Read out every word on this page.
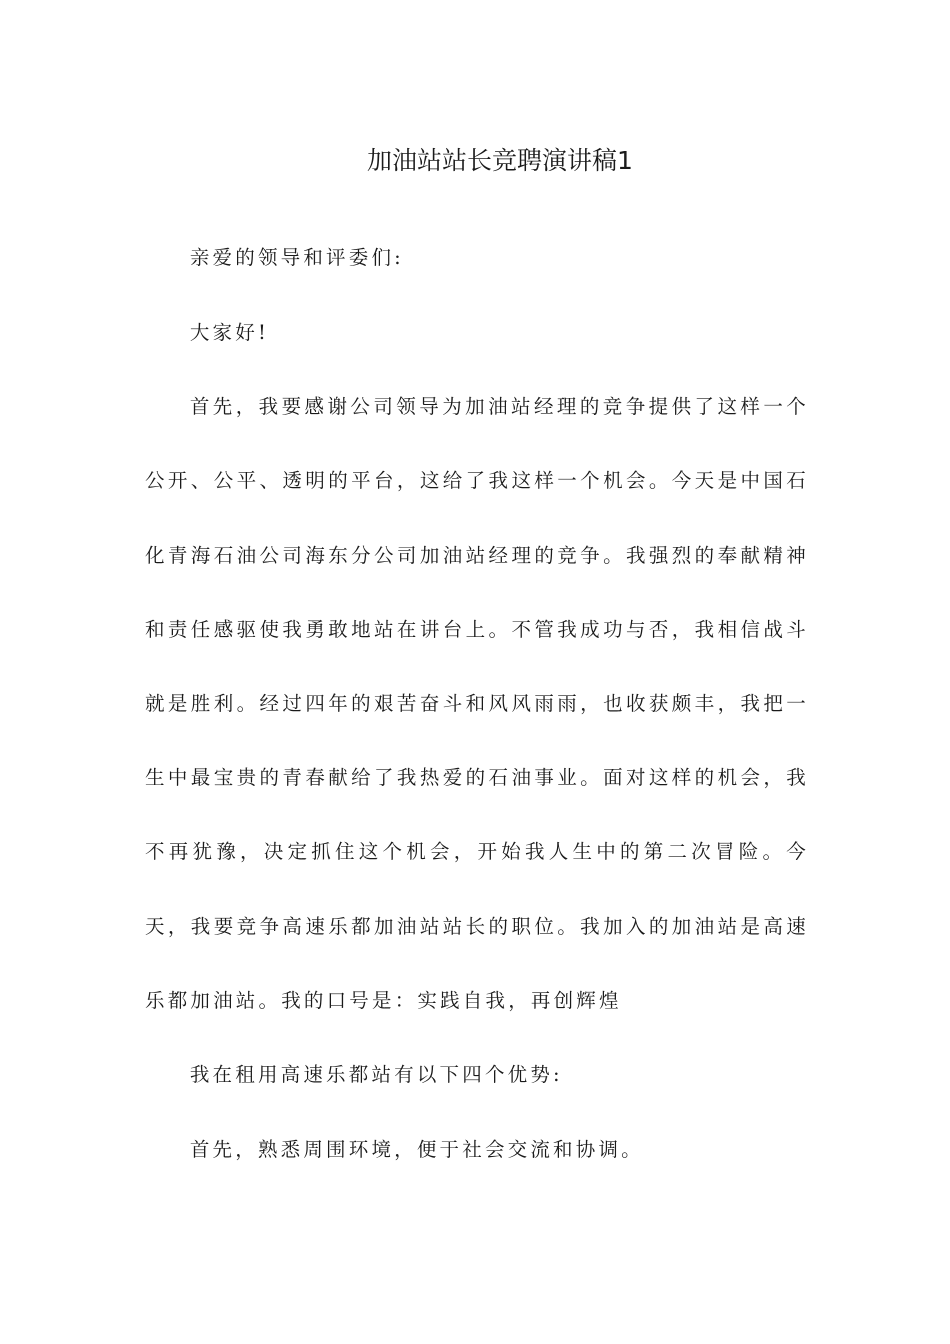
加油站站长竞聘演讲稿1

亲爱的领导和评委们:

大家好!

首先，我要感谢公司领导为加油站经理的竞争提供了这样一个公开、公平、透明的平台，这给了我这样一个机会。今天是中国石化青海石油公司海东分公司加油站经理的竞争。我强烈的奉献精神和责任感驱使我勇敢地站在讲台上。不管我成功与否，我相信战斗就是胜利。经过四年的艰苦奋斗和风风雨雨，也收获颇丰，我把一生中最宝贵的青春献给了我热爱的石油事业。面对这样的机会，我不再犹豫，决定抓住这个机会，开始我人生中的第二次冒险。今天，我要竞争高速乐都加油站站长的职位。我加入的加油站是高速乐都加油站。我的口号是：实践自我，再创辉煌

我在租用高速乐都站有以下四个优势:

首先，熟悉周围环境，便于社会交流和协调。
